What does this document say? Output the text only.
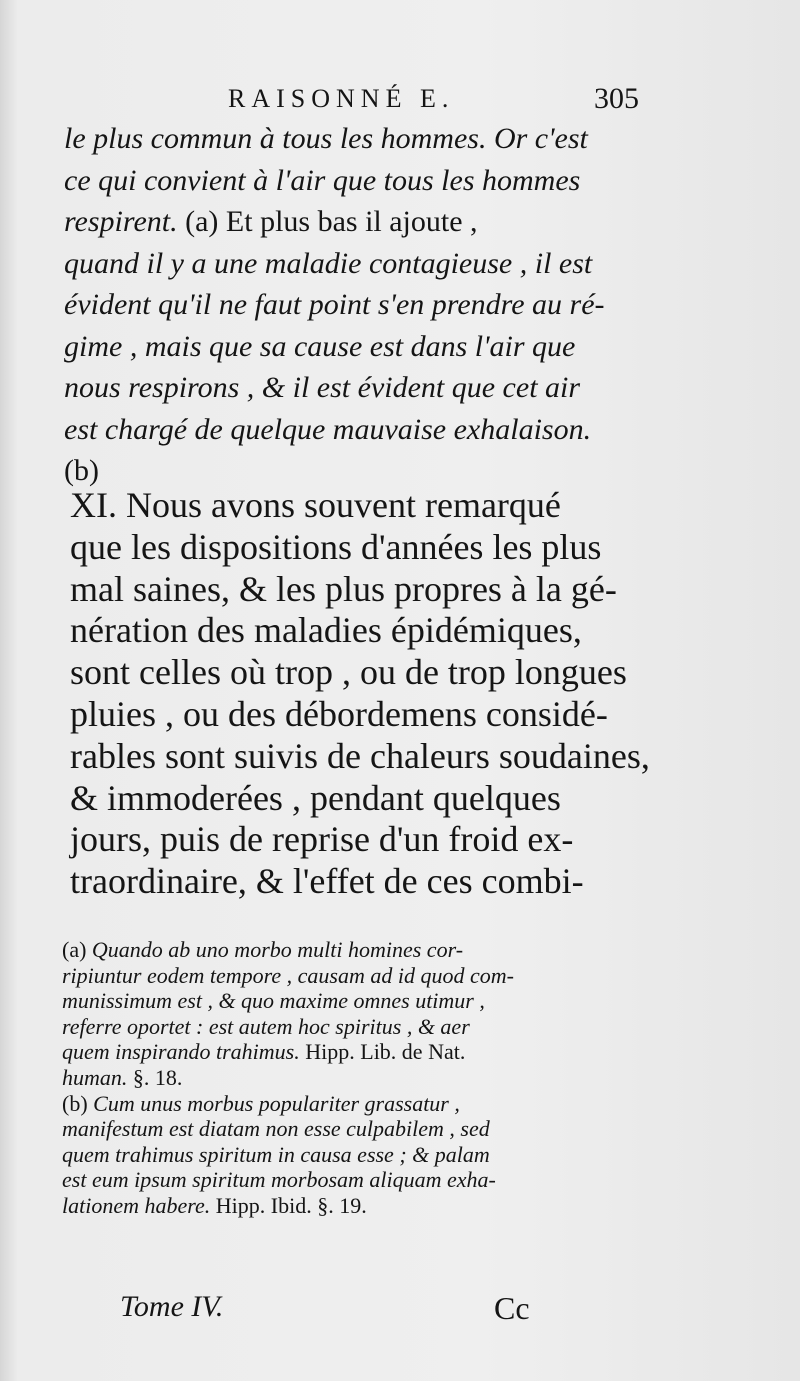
RAISONNÉ E.	305
le plus commun à tous les hommes. Or c'est
ce qui convient à l'air que tous les hommes
respirent. (a) Et plus bas il ajoute ,
quand il y a une maladie contagieuse , il est
évident qu'il ne faut point s'en prendre au ré-
gime , mais que sa cause est dans l'air que
nous respirons , & il est évident que cet air
est chargé de quelque mauvaise exhalaison.
(b)
XI. Nous avons souvent remarqué
que les dispositions d'années les plus
mal saines, & les plus propres à la gé-
nération des maladies épidémiques,
sont celles où trop , ou de trop longues
pluies , ou des débordemens considé-
rables sont suivis de chaleurs soudaines,
& immoderées , pendant quelques
jours, puis de reprise d'un froid ex-
traordinaire, & l'effet de ces combi-
(a) Quando ab uno morbo multi homines cor-
ripiuntur eodem tempore , causam ad id quod com-
munissimum est , & quo maxime omnes utimur ,
referre oportet : est autem hoc spiritus , & aer
quem inspirando trahimus. Hipp. Lib. de Nat.
human. §. 18.
(b) Cum unus morbus populariter grassatur ,
manifestum est diatam non esse culpabilem , sed
quem trahimus spiritum in causa esse ; & palam
est eum ipsum spiritum morbosam aliquam exha-
lationem habere. Hipp. Ibid. §. 19.
Tome IV.	Cc
